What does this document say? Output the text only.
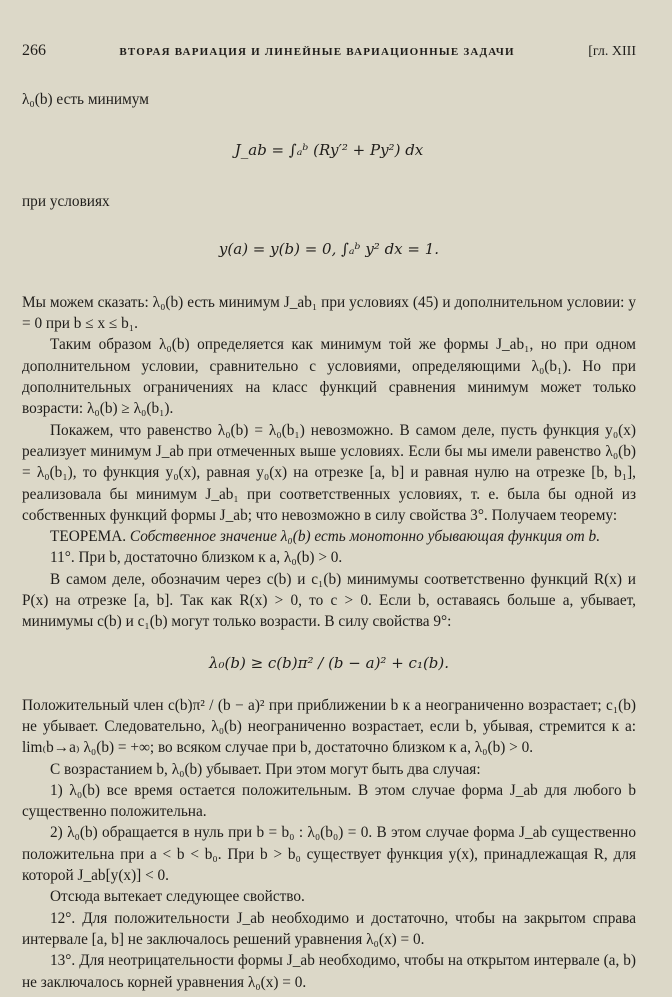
266	ВТОРАЯ ВАРИАЦИЯ И ЛИНЕЙНЫЕ ВАРИАЦИОННЫЕ ЗАДАЧИ	[гл. XIII

λ₀(b) есть минимум

J_ab = ∫ₐᵇ (Ry′² + Py²) dx

при условиях

y(a) = y(b) = 0, ∫ₐᵇ y² dx = 1.

Мы можем сказать: λ₀(b) есть минимум J_ab₁ при условиях (45) и дополнительном условии: y = 0 при b ≤ x ≤ b₁.

Таким образом λ₀(b) определяется как минимум той же формы J_ab₁, но при одном дополнительном условии, сравнительно с условиями, определяющими λ₀(b₁). Но при дополнительных ограничениях на класс функций сравнения минимум может только возрасти: λ₀(b) ≥ λ₀(b₁).

Покажем, что равенство λ₀(b) = λ₀(b₁) невозможно. В самом деле, пусть функция y₀(x) реализует минимум J_ab при отмеченных выше условиях. Если бы мы имели равенство λ₀(b) = λ₀(b₁), то функция y₀(x), равная y₀(x) на отрезке [a, b] и равная нулю на отрезке [b, b₁], реализовала бы минимум J_ab₁ при соответственных условиях, т. е. была бы одной из собственных функций формы J_ab; что невозможно в силу свойства 3°. Получаем теорему:

ТЕОРЕМА. Собственное значение λ₀(b) есть монотонно убывающая функция от b.

11°. При b, достаточно близком к a, λ₀(b) > 0.

В самом деле, обозначим через c(b) и c₁(b) минимумы соответственно функций R(x) и P(x) на отрезке [a, b]. Так как R(x) > 0, то c > 0. Если b, оставаясь больше a, убывает, минимумы c(b) и c₁(b) могут только возрасти. В силу свойства 9°:

λ₀(b) ≥ c(b)π² / (b − a)² + c₁(b).

Положительный член c(b)π² / (b − a)² при приближении b к a неограниченно возрастает; c₁(b) не убывает. Следовательно, λ₀(b) неограниченно возрастает, если b, убывая, стремится к a: lim₍b→a₎ λ₀(b) = +∞; во всяком случае при b, достаточно близком к a, λ₀(b) > 0.

С возрастанием b, λ₀(b) убывает. При этом могут быть два случая:

1) λ₀(b) все время остается положительным. В этом случае форма J_ab для любого b существенно положительна.

2) λ₀(b) обращается в нуль при b = b₀ : λ₀(b₀) = 0. В этом случае форма J_ab существенно положительна при a < b < b₀. При b > b₀ существует функция y(x), принадлежащая R, для которой J_ab[y(x)] < 0.

Отсюда вытекает следующее свойство.

12°. Для положительности J_ab необходимо и достаточно, чтобы на закрытом справа интервале [a, b] не заключалось решений уравнения λ₀(x) = 0.

13°. Для неотрицательности формы J_ab необходимо, чтобы на открытом интервале (a, b) не заключалось корней уравнения λ₀(x) = 0.
